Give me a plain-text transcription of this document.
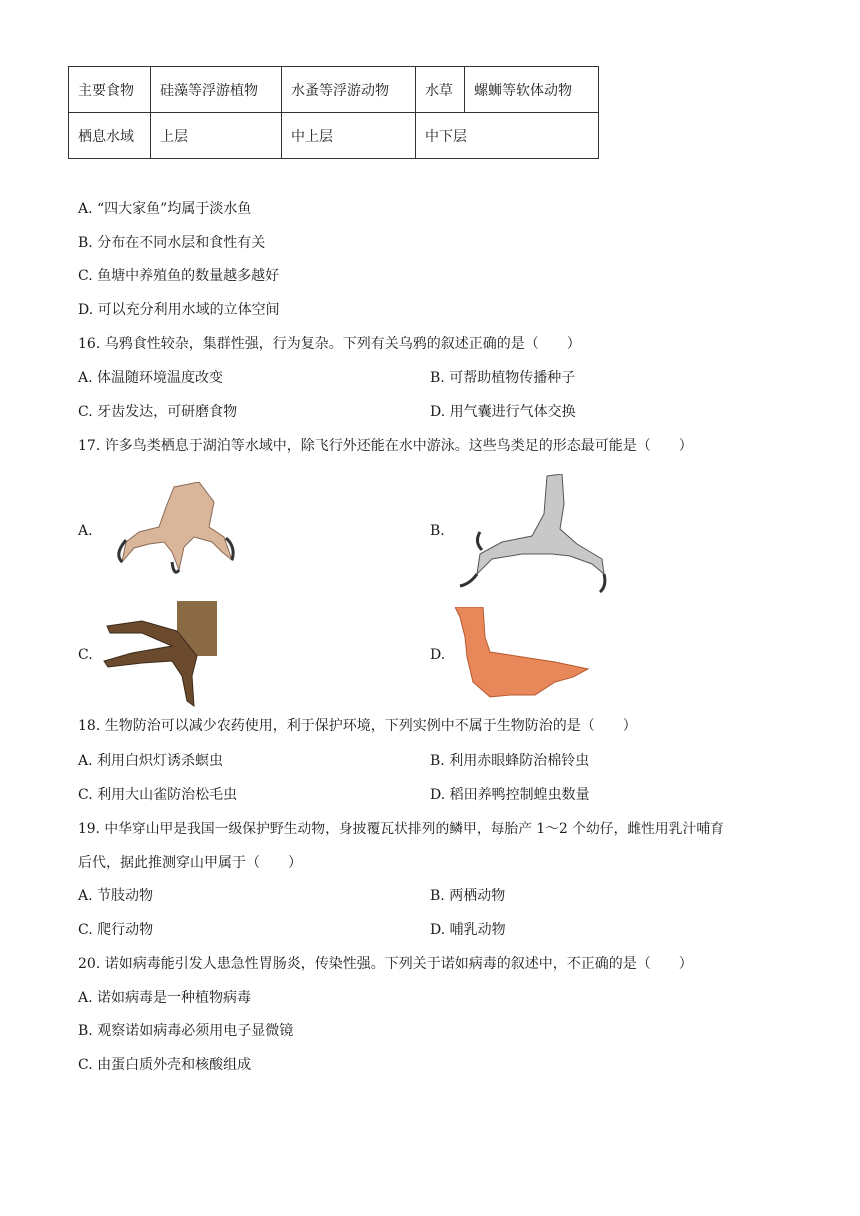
主要食物	硅藻等浮游植物	水蚤等浮游动物	水草	螺蛳等软体动物
栖息水域	上层	中上层	中下层	
A. “四大家鱼”均属于淡水鱼
B. 分布在不同水层和食性有关
C. 鱼塘中养殖鱼的数量越多越好
D. 可以充分利用水域的立体空间
16. 乌鸦食性较杂，集群性强，行为复杂。下列有关乌鸦的叙述正确的是（　　）
A. 体温随环境温度改变	B. 可帮助植物传播种子
C. 牙齿发达，可研磨食物	D. 用气囊进行气体交换
17. 许多鸟类栖息于湖泊等水域中，除飞行外还能在水中游泳。这些鸟类足的形态最可能是（　　）
A.	B.
C.	D.
18. 生物防治可以减少农药使用，利于保护环境，下列实例中不属于生物防治的是（　　）
A. 利用白炽灯诱杀螟虫	B. 利用赤眼蜂防治棉铃虫
C. 利用大山雀防治松毛虫	D. 稻田养鸭控制蝗虫数量
19. 中华穿山甲是我国一级保护野生动物，身披覆瓦状排列的鳞甲，每胎产 1～2 个幼仔，雌性用乳汁哺育
后代，据此推测穿山甲属于（　　）
A. 节肢动物	B. 两栖动物
C. 爬行动物	D. 哺乳动物
20. 诺如病毒能引发人患急性胃肠炎，传染性强。下列关于诺如病毒的叙述中，不正确的是（　　）
A. 诺如病毒是一种植物病毒
B. 观察诺如病毒必须用电子显微镜
C. 由蛋白质外壳和核酸组成
